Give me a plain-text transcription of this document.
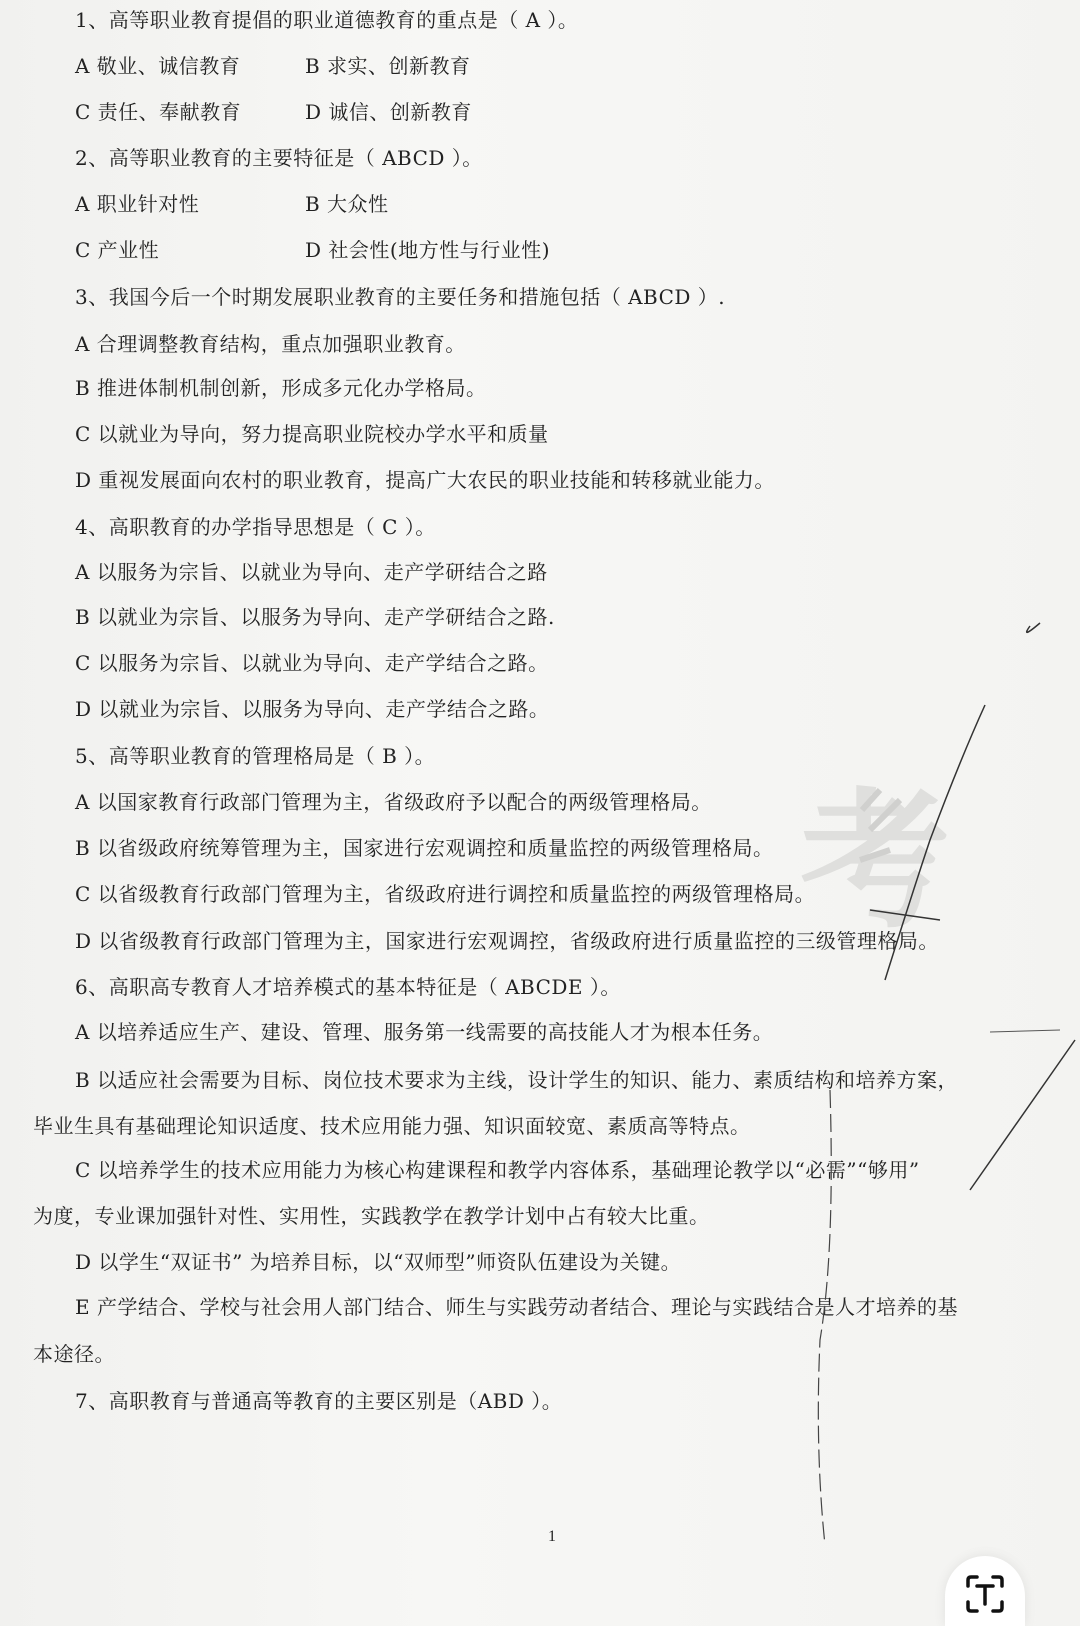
1、高等职业教育提倡的职业道德教育的重点是（ A ）。
A 敬业、诚信教育	B 求实、创新教育
C 责任、奉献教育	D 诚信、创新教育
2、高等职业教育的主要特征是（ ABCD ）。
A 职业针对性	B 大众性
C 产业性	D 社会性(地方性与行业性)
3、我国今后一个时期发展职业教育的主要任务和措施包括（ ABCD ）.
A 合理调整教育结构，重点加强职业教育。
B 推进体制机制创新，形成多元化办学格局。
C 以就业为导向，努力提高职业院校办学水平和质量
D 重视发展面向农村的职业教育，提高广大农民的职业技能和转移就业能力。
4、高职教育的办学指导思想是（ C ）。
A 以服务为宗旨、以就业为导向、走产学研结合之路
B 以就业为宗旨、以服务为导向、走产学研结合之路.
C 以服务为宗旨、以就业为导向、走产学结合之路。
D 以就业为宗旨、以服务为导向、走产学结合之路。
5、高等职业教育的管理格局是（ B ）。
A 以国家教育行政部门管理为主，省级政府予以配合的两级管理格局。
B 以省级政府统筹管理为主，国家进行宏观调控和质量监控的两级管理格局。
C 以省级教育行政部门管理为主，省级政府进行调控和质量监控的两级管理格局。
D 以省级教育行政部门管理为主，国家进行宏观调控，省级政府进行质量监控的三级管理格局。
6、高职高专教育人才培养模式的基本特征是（ ABCDE ）。
A 以培养适应生产、建设、管理、服务第一线需要的高技能人才为根本任务。
B 以适应社会需要为目标、岗位技术要求为主线，设计学生的知识、能力、素质结构和培养方案，
毕业生具有基础理论知识适度、技术应用能力强、知识面较宽、素质高等特点。
C 以培养学生的技术应用能力为核心构建课程和教学内容体系，基础理论教学以“必需”“够用”
为度，专业课加强针对性、实用性，实践教学在教学计划中占有较大比重。
D 以学生“双证书” 为培养目标，以“双师型”师资队伍建设为关键。
E 产学结合、学校与社会用人部门结合、师生与实践劳动者结合、理论与实践结合是人才培养的基
本途径。
7、高职教育与普通高等教育的主要区别是（ABD ）。
考
1
